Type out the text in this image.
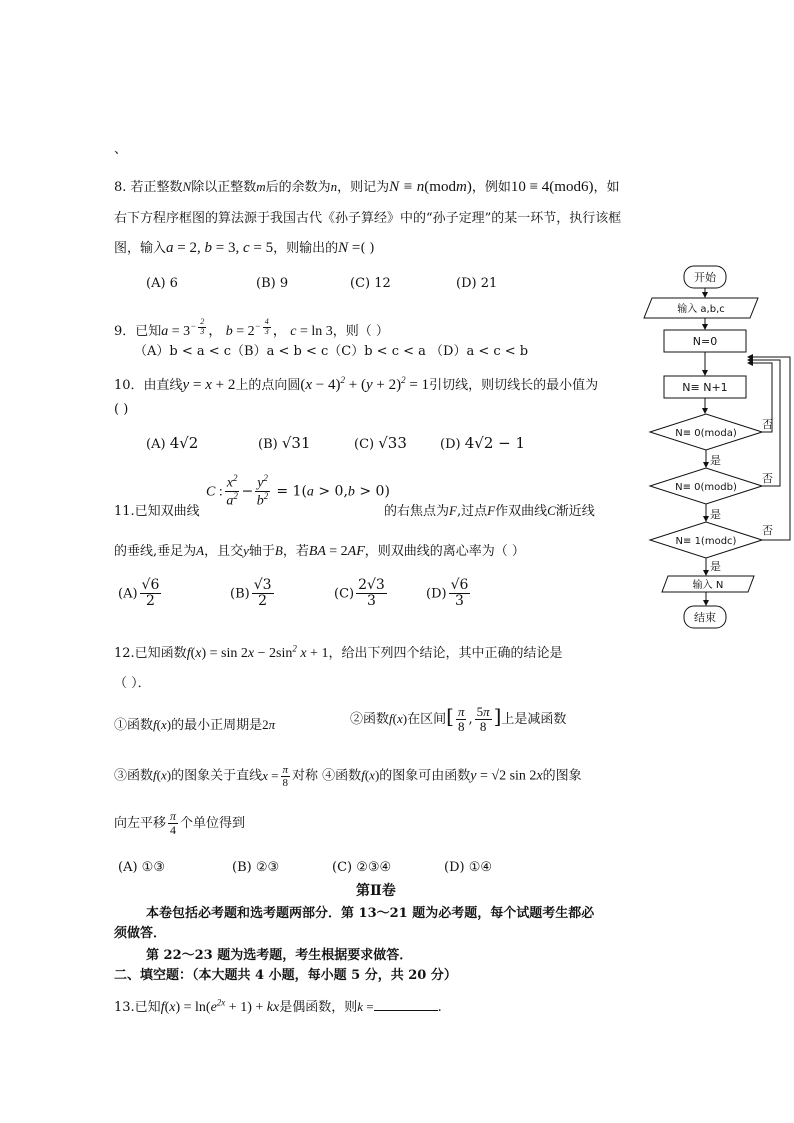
、
8. 若正整数N除以正整数m后的余数为n，则记为N ≡ n(modm)，例如10 ≡ 4(mod6)，如
右下方程序框图的算法源于我国古代《孙子算经》中的“孙子定理”的某一环节，执行该框
图，输入a = 2, b = 3, c = 5，则输出的N =( )
(A) 6	(B) 9	(C) 12	(D) 21
9．已知$a = 3^{- \frac{2}{3}}$ ， $b = 2^{- \frac{4}{3}}$ ， c = ln 3，则（ ）
（A）b < a < c（B）a < b < c（C）b < c < a （D）a < c < b
10．由直线y = x + 2上的点向圆$(x - 4)^2 + (y + 2)^2 = 1$引切线，则切线长的最小值为
( )
(A) 4√2	(B) √31	(C) √33	(D) 4√2 − 1
C : $\frac{x^2}{a^2} - \frac{y^2}{b^2} = 1(a > 0,b > 0)$
11.已知双曲线	的右焦点为F,过点F作双曲线C渐近线
的垂线,垂足为A，且交y轴于B，若BA = 2AF，则双曲线的离心率为（ ）
$(A) \frac{√6}{2}$	$(B) \frac{√3}{2}$	$(C) \frac{2√3}{3}$	$(D) \frac{√6}{3}$
12.已知函数$f(x) = \sin 2x - 2\sin^2$ x + 1，给出下列四个结论，其中正确的结论是
（ ）．
①函数f(x)的最小正周期是2π	②函数f(x)在区间[ $\frac{\pi}{8}$ , $\frac{5\pi}{8}$ ]上是减函数
③函数f(x)的图象关于直线$x = \frac{\pi}{8}$ 对称 ④函数f(x)的图象可由函数y = √2 sin 2x的图象
向左平移 $\frac{\pi}{4}$ 个单位得到
(A) ①③	(B) ②③	(C) ②③④	(D) ①④
第Ⅱ卷
本卷包括必考题和选考题两部分．第 13～21 题为必考题，每个试题考生都必
须做答．
第 22～23 题为选考题，考生根据要求做答．
二、填空题：（本大题共 4 小题，每小题 5 分，共 20 分）
13.已知$f(x) = \ln(e^{2x} + 1)$ + kx是偶函数，则k =	.
开始
输入 a,b,c
N=0
N≡ N+1
N≡ 0(moda)
N≡ 0(modb)
N≡ 1(modc)
是
是
是
否
否
否
输入 N
结束
